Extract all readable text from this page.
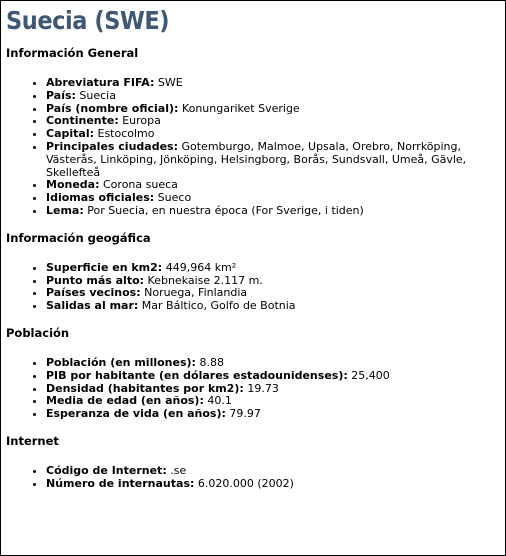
Suecia (SWE)
Información General
• Abreviatura FIFA: SWE
• País: Suecia
• País (nombre oficial): Konungariket Sverige
• Continente: Europa
• Capital: Estocolmo
• Principales ciudades: Gotemburgo, Malmoe, Upsala, Orebro, Norrköping, Västerås, Linköping, Jönköping, Helsingborg, Borås, Sundsvall, Umeå, Gävle, Skellefteå
• Moneda: Corona sueca
• Idiomas oficiales: Sueco
• Lema: Por Suecia, en nuestra época (For Sverige, i tiden)
Información geogáfica
• Superficie en km2: 449,964 km²
• Punto más alto: Kebnekaise 2.117 m.
• Países vecinos: Noruega, Finlandia
• Salidas al mar: Mar Báltico, Golfo de Botnia
Población
• Población (en millones): 8.88
• PIB por habitante (en dólares estadounidenses): 25,400
• Densidad (habitantes por km2): 19.73
• Media de edad (en años): 40.1
• Esperanza de vida (en años): 79.97
Internet
• Código de Internet: .se
• Número de internautas: 6.020.000 (2002)
